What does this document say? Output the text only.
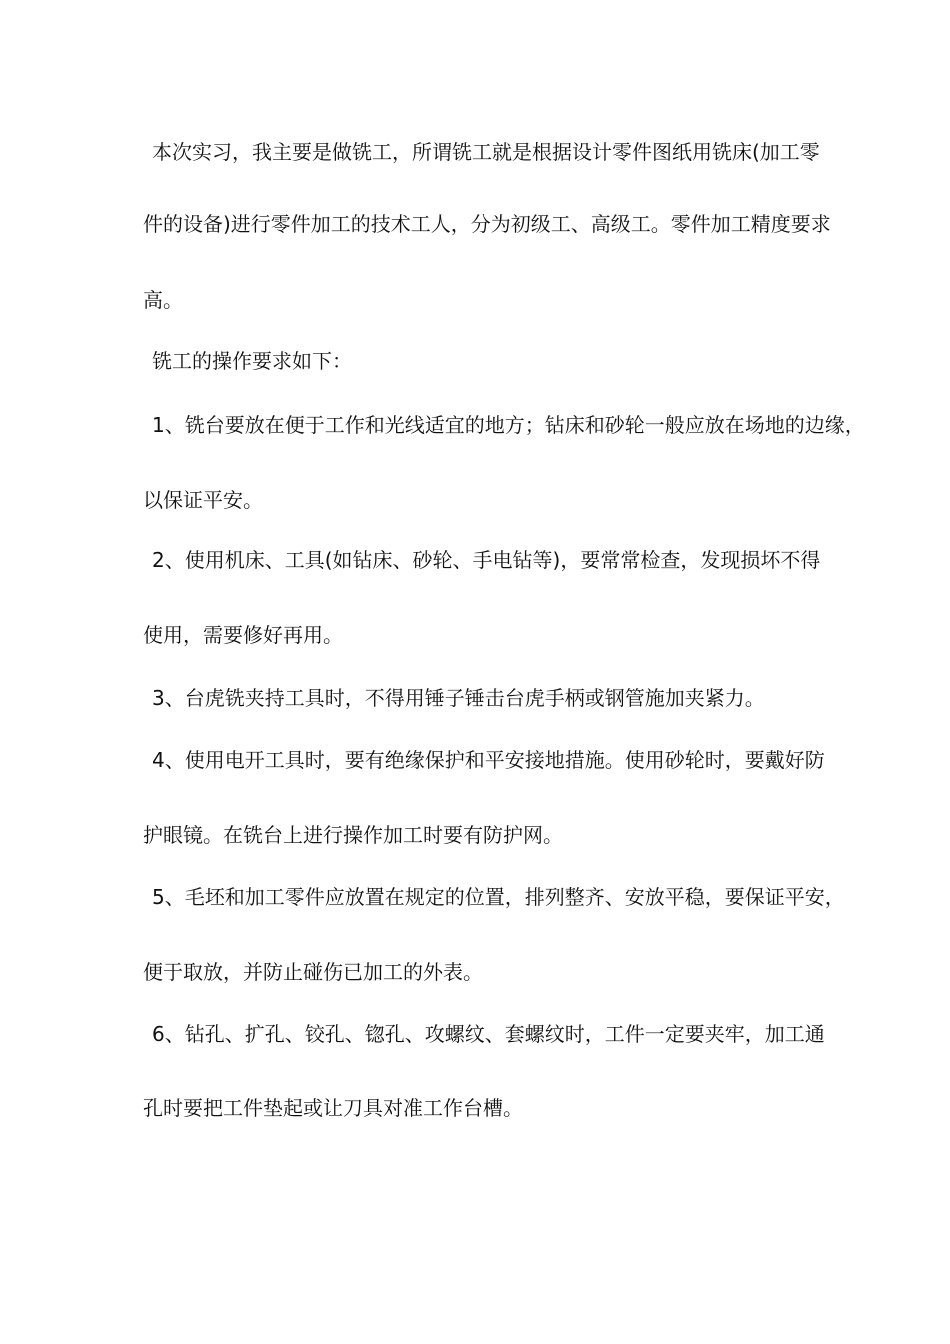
本次实习，我主要是做铣工，所谓铣工就是根据设计零件图纸用铣床(加工零
件的设备)进行零件加工的技术工人，分为初级工、高级工。零件加工精度要求
高。
铣工的操作要求如下：
1、铣台要放在便于工作和光线适宜的地方；钻床和砂轮一般应放在场地的边缘，
以保证平安。
2、使用机床、工具(如钻床、砂轮、手电钻等)，要常常检查，发现损坏不得
使用，需要修好再用。
3、台虎铣夹持工具时，不得用锤子锤击台虎手柄或钢管施加夹紧力。
4、使用电开工具时，要有绝缘保护和平安接地措施。使用砂轮时，要戴好防
护眼镜。在铣台上进行操作加工时要有防护网。
5、毛坯和加工零件应放置在规定的位置，排列整齐、安放平稳，要保证平安，
便于取放，并防止碰伤已加工的外表。
6、钻孔、扩孔、铰孔、锪孔、攻螺纹、套螺纹时，工件一定要夹牢，加工通
孔时要把工件垫起或让刀具对准工作台槽。
